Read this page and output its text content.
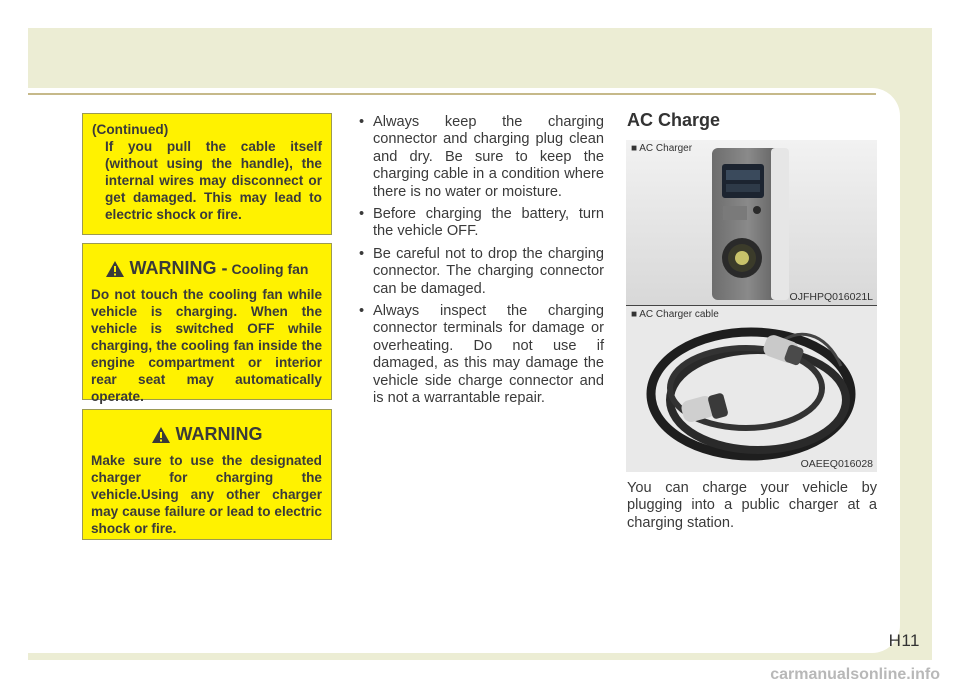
(Continued)
If you pull the cable itself (without using the handle), the internal wires may disconnect or get damaged. This may lead to electric shock or fire.
WARNING - Cooling fan
Do not touch the cooling fan while vehicle is charging. When the vehicle is switched OFF while charging, the cooling fan inside the engine compartment or interior rear seat may automatically operate.
WARNING
Make sure to use the designated charger for charging the vehicle.Using any other charger may cause failure or lead to electric shock or fire.
• Always keep the charging connector and charging plug clean and dry. Be sure to keep the charging cable in a condition where there is no water or moisture.
• Before charging the battery, turn the vehicle OFF.
• Be careful not to drop the charging connector. The charging connector can be damaged.
• Always inspect the charging connector terminals for damage or overheating. Do not use if damaged, as this may damage the vehicle side charge connector and is not a warrantable repair.
AC Charge
■ AC Charger
OJFHPQ016021L
■ AC Charger cable
OAEEQ016028
You can charge your vehicle by plugging into a public charger at a charging station.
H11
carmanualsonline.info
